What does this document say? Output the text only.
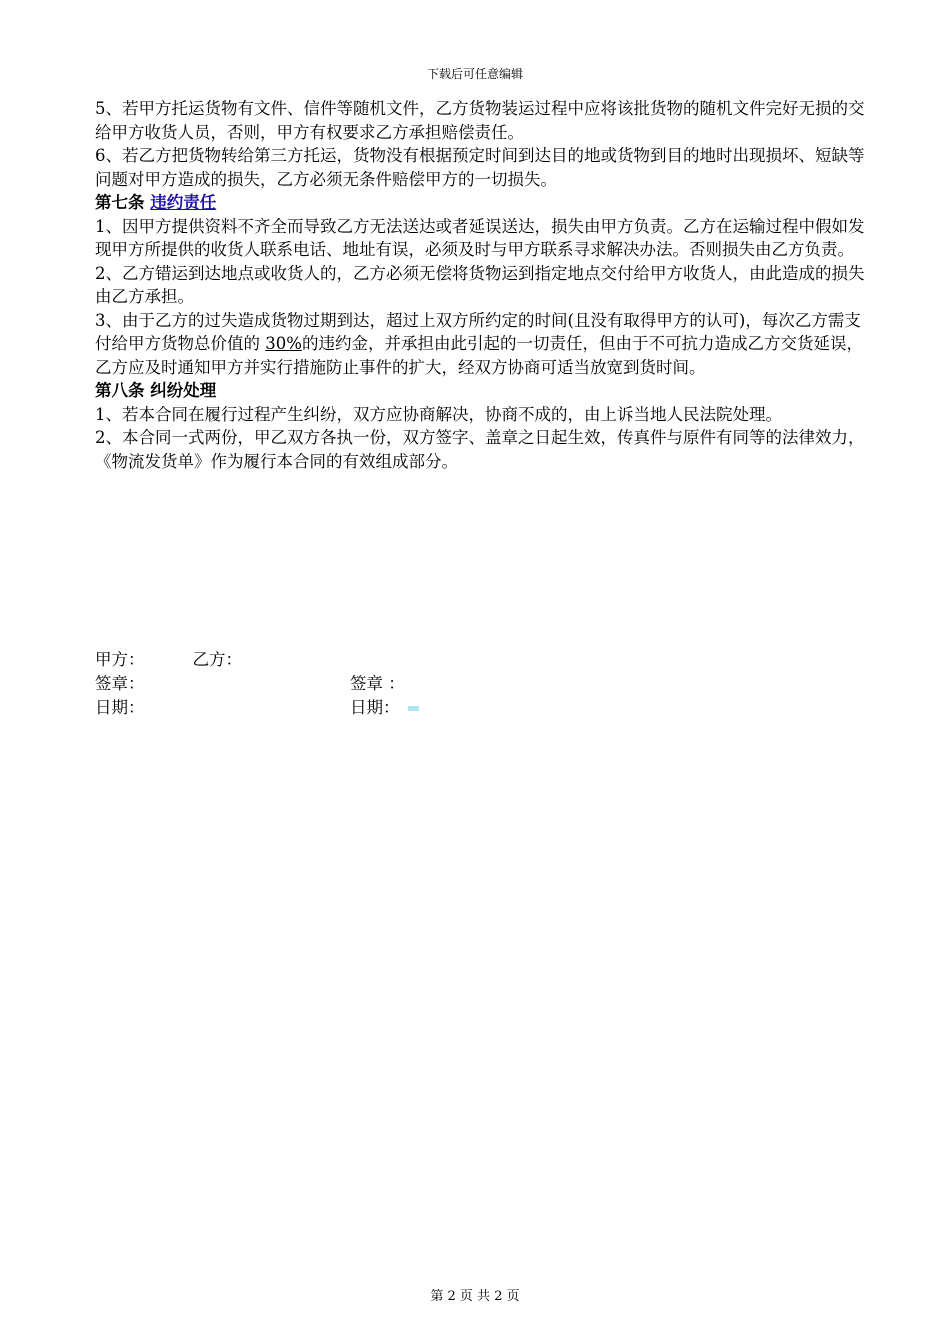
下载后可任意编辑

5、若甲方托运货物有文件、信件等随机文件，乙方货物装运过程中应将该批货物的随机文件完好无损的交给甲方收货人员，否则，甲方有权要求乙方承担赔偿责任。

6、若乙方把货物转给第三方托运，货物没有根据预定时间到达目的地或货物到目的地时出现损坏、短缺等问题对甲方造成的损失，乙方必须无条件赔偿甲方的一切损失。

第七条 违约责任

1、因甲方提供资料不齐全而导致乙方无法送达或者延误送达，损失由甲方负责。乙方在运输过程中假如发现甲方所提供的收货人联系电话、地址有误，必须及时与甲方联系寻求解决办法。否则损失由乙方负责。

2、乙方错运到达地点或收货人的，乙方必须无偿将货物运到指定地点交付给甲方收货人，由此造成的损失由乙方承担。

3、由于乙方的过失造成货物过期到达，超过上双方所约定的时间(且没有取得甲方的认可)，每次乙方需支付给甲方货物总价值的 30%的违约金，并承担由此引起的一切责任，但由于不可抗力造成乙方交货延误，乙方应及时通知甲方并实行措施防止事件的扩大，经双方协商可适当放宽到货时间。

第八条 纠纷处理

1、若本合同在履行过程产生纠纷，双方应协商解决，协商不成的，由上诉当地人民法院处理。

2、本合同一式两份，甲乙双方各执一份，双方签字、盖章之日起生效，传真件与原件有同等的法律效力，《物流发货单》作为履行本合同的有效组成部分。

甲方：	乙方：
签章：	签章 ：
日期：	日期：
第 2 页 共 2 页
